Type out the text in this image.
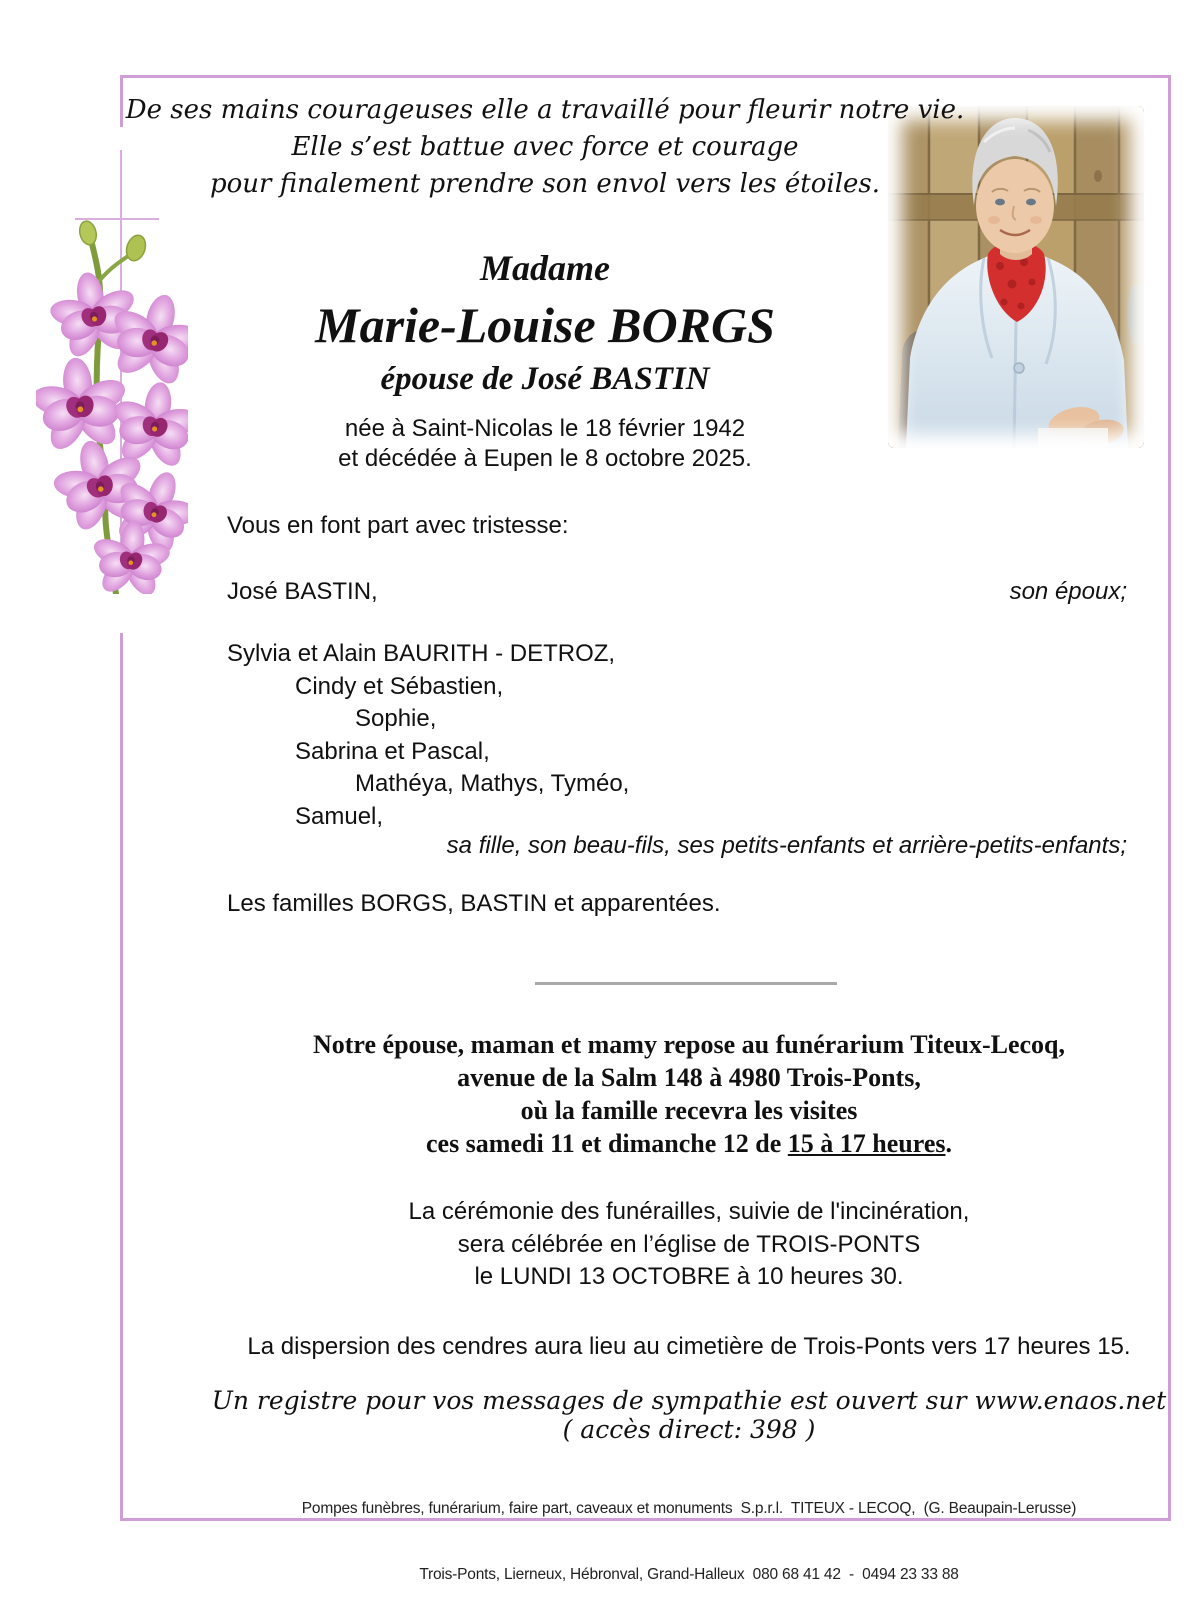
De ses mains courageuses elle a travaillé pour fleurir notre vie.
Elle s’est battue avec force et courage
pour finalement prendre son envol vers les étoiles.
Madame
Marie-Louise BORGS
épouse de José BASTIN
née à Saint-Nicolas le 18 février 1942
et décédée à Eupen le 8 octobre 2025.
Vous en font part avec tristesse:
José BASTIN,	son époux;
Sylvia et Alain BAURITH - DETROZ,
Cindy et Sébastien,
Sophie,
Sabrina et Pascal,
Mathéya, Mathys, Tyméo,
Samuel,
sa fille, son beau-fils, ses petits-enfants et arrière-petits-enfants;
Les familles BORGS, BASTIN et apparentées.
Notre épouse, maman et mamy repose au funérarium Titeux-Lecoq,
avenue de la Salm 148 à 4980 Trois-Ponts,
où la famille recevra les visites
ces samedi 11 et dimanche 12 de 15 à 17 heures.
La cérémonie des funérailles, suivie de l'incinération,
sera célébrée en l’église de TROIS-PONTS
le LUNDI 13 OCTOBRE à 10 heures 30.
La dispersion des cendres aura lieu au cimetière de Trois-Ponts vers 17 heures 15.
Un registre pour vos messages de sympathie est ouvert sur www.enaos.net ( accès direct: 398 )

Pompes funèbres, funérarium, faire part, caveaux et monuments  S.p.r.l.  TITEUX - LECOQ,  (G. Beaupain-Lerusse)

Trois-Ponts, Lierneux, Hébronval, Grand-Halleux  080 68 41 42  -  0494 23 33 88
